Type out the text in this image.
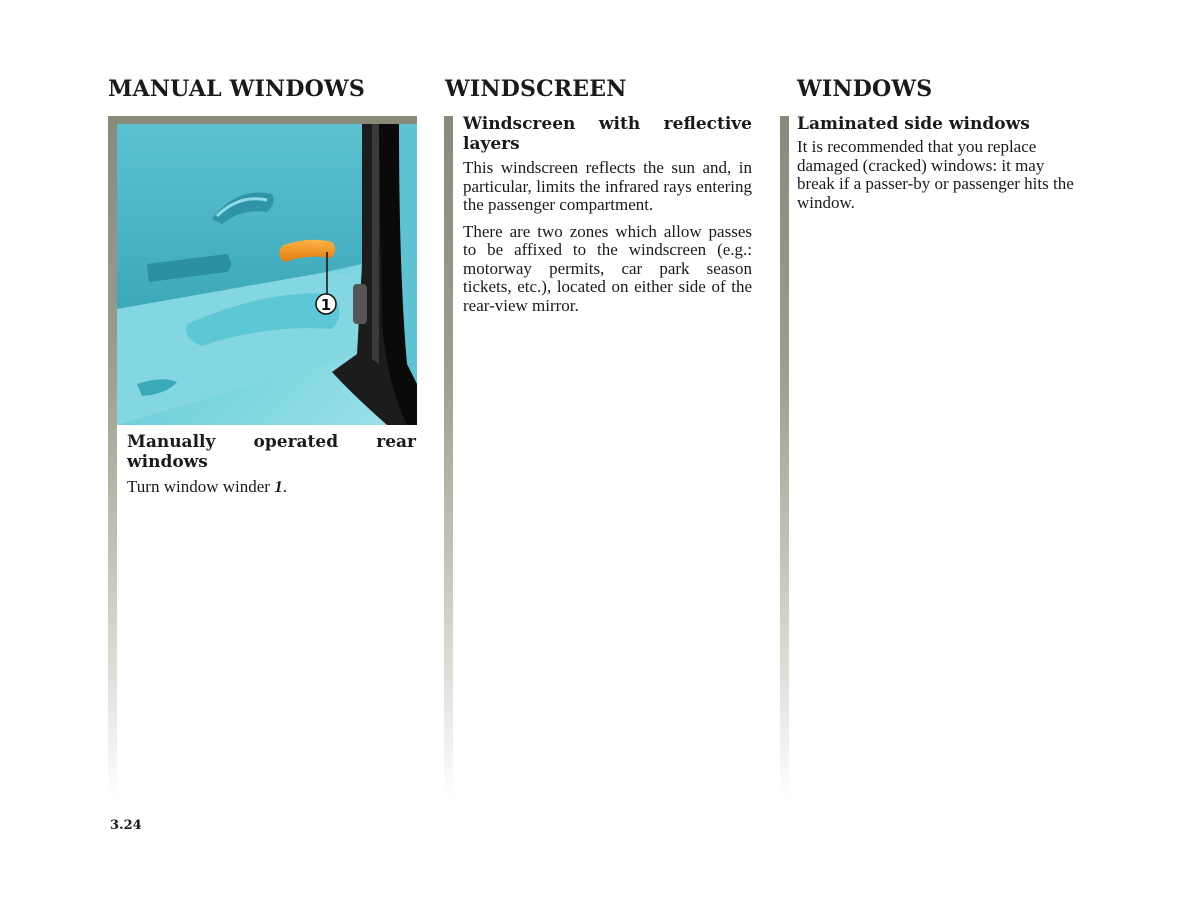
MANUAL WINDOWS
1

Manually operated rear windows

Turn window winder 1.

WINDSCREEN

Windscreen with reflective layers

This windscreen reflects the sun and, in particular, limits the infrared rays entering the passenger compartment.

There are two zones which allow passes to be affixed to the windscreen (e.g.: motorway permits, car park season tickets, etc.), located on either side of the rear-view mirror.

WINDOWS

Laminated side windows

It is recommended that you replace damaged (cracked) windows: it may break if a passer-by or passenger hits the window.

3.24
